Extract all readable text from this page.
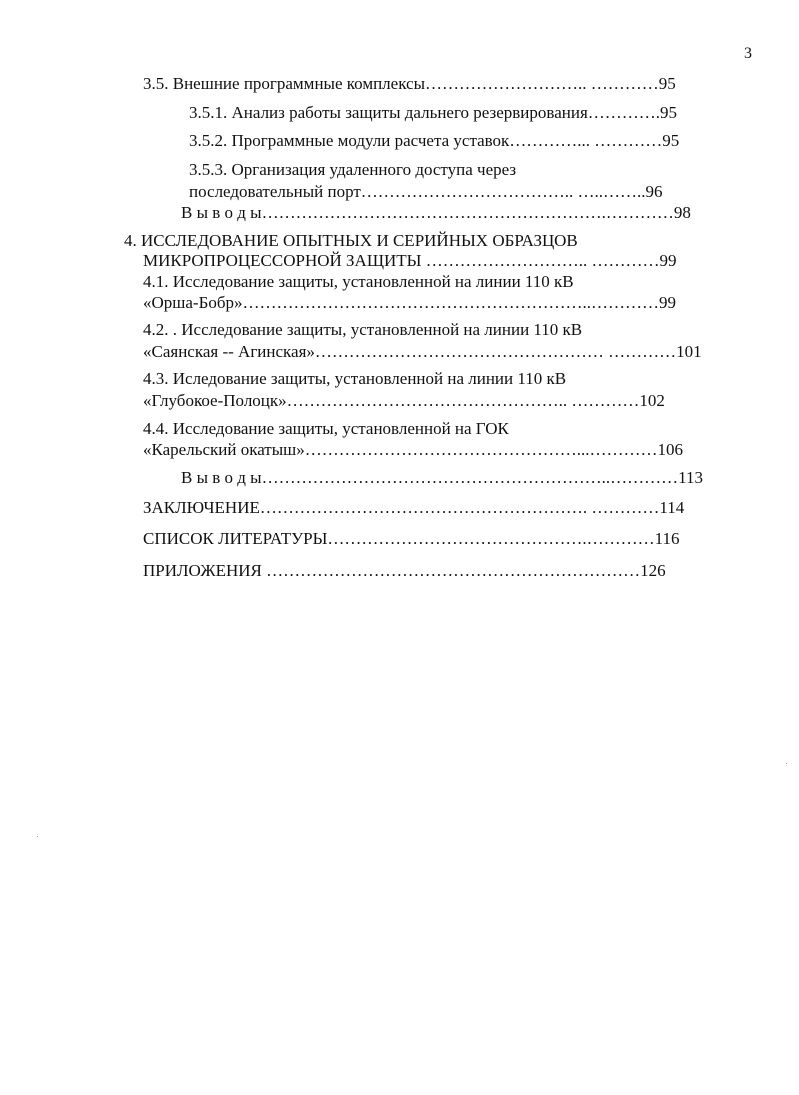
3
3.5. Внешние программные комплексы……………………….. …………95
3.5.1. Анализ работы защиты дальнего резервирования………….95
3.5.2. Программные модули расчета уставок…………... …………95
3.5.3. Организация удаленного доступа через
последовательный порт……………………………….. …..……..96
В ы в о д ы…………………………………………………….…………98
4. ИССЛЕДОВАНИЕ ОПЫТНЫХ И СЕРИЙНЫХ ОБРАЗЦОВ
МИКРОПРОЦЕССОРНОЙ ЗАЩИТЫ ……………………….. …………99
4.1. Исследование защиты, установленной на линии 110 кВ
«Орша-Бобр»……………………………………………………..…………99
4.2. . Исследование защиты, установленной на линии 110 кВ
«Саянская -- Агинская»…………………………………………… …………101
4.3. Иследование защиты, установленной на линии 110 кВ
«Глубокое-Полоцк»………………………………………….. …………102
4.4. Исследование защиты, установленной на ГОК
«Карельский окатыш»…………………………………………...…………106
В ы в о д ы……………………………………………………..…………113
ЗАКЛЮЧЕНИЕ…………………………………………………. …………114
СПИСОК ЛИТЕРАТУРЫ……………………………………….…………116
ПРИЛОЖЕНИЯ …………………………………………………………126
